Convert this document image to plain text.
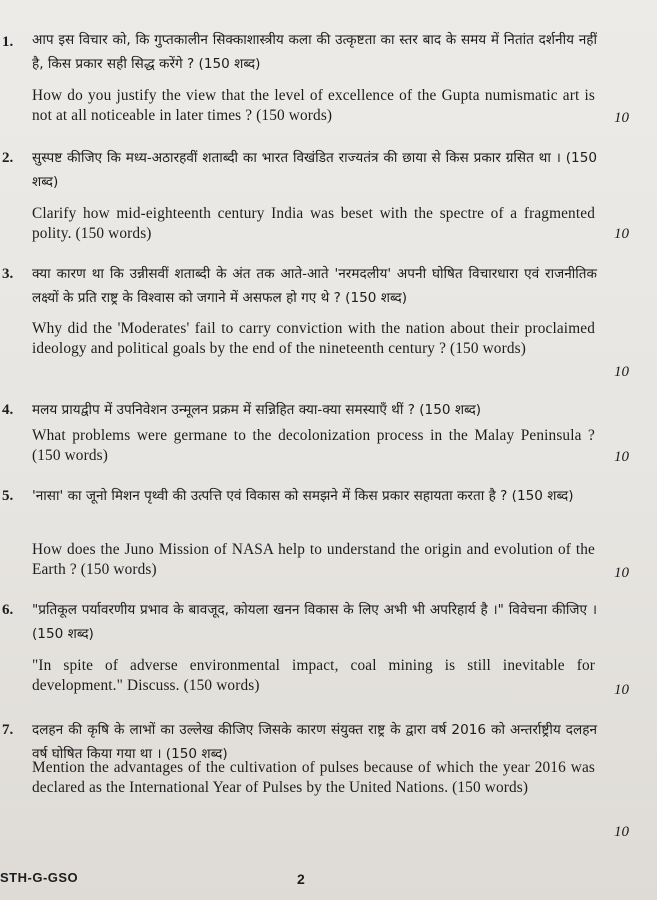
1. आप इस विचार को, कि गुप्तकालीन सिक्काशास्त्रीय कला की उत्कृष्टता का स्तर बाद के समय में नितांत दर्शनीय नहीं है, किस प्रकार सही सिद्ध करेंगे ? (150 शब्द)
How do you justify the view that the level of excellence of the Gupta numismatic art is not at all noticeable in later times ? (150 words)	10
2. सुस्पष्ट कीजिए कि मध्य-अठारहवीं शताब्दी का भारत विखंडित राज्यतंत्र की छाया से किस प्रकार ग्रसित था । (150 शब्द)
Clarify how mid-eighteenth century India was beset with the spectre of a fragmented polity. (150 words)	10
3. क्या कारण था कि उन्नीसवीं शताब्दी के अंत तक आते-आते 'नरमदलीय' अपनी घोषित विचारधारा एवं राजनीतिक लक्ष्यों के प्रति राष्ट्र के विश्वास को जगाने में असफल हो गए थे ? (150 शब्द)
Why did the 'Moderates' fail to carry conviction with the nation about their proclaimed ideology and political goals by the end of the nineteenth century ? (150 words)
10
4. मलय प्रायद्वीप में उपनिवेशन उन्मूलन प्रक्रम में सन्निहित क्या-क्या समस्याएँ थीं ? (150 शब्द)
What problems were germane to the decolonization process in the Malay Peninsula ? (150 words)	10
5. 'नासा' का जूनो मिशन पृथ्वी की उत्पत्ति एवं विकास को समझने में किस प्रकार सहायता करता है ? (150 शब्द)
How does the Juno Mission of NASA help to understand the origin and evolution of the Earth ? (150 words)	10
6. "प्रतिकूल पर्यावरणीय प्रभाव के बावजूद, कोयला खनन विकास के लिए अभी भी अपरिहार्य है ।" विवेचना कीजिए । (150 शब्द)
"In spite of adverse environmental impact, coal mining is still inevitable for development." Discuss. (150 words)	10
7. दलहन की कृषि के लाभों का उल्लेख कीजिए जिसके कारण संयुक्त राष्ट्र के द्वारा वर्ष 2016 को अन्तर्राष्ट्रीय दलहन वर्ष घोषित किया गया था । (150 शब्द)
Mention the advantages of the cultivation of pulses because of which the year 2016 was declared as the International Year of Pulses by the United Nations. (150 words)
10
STH-G-GSO	2
